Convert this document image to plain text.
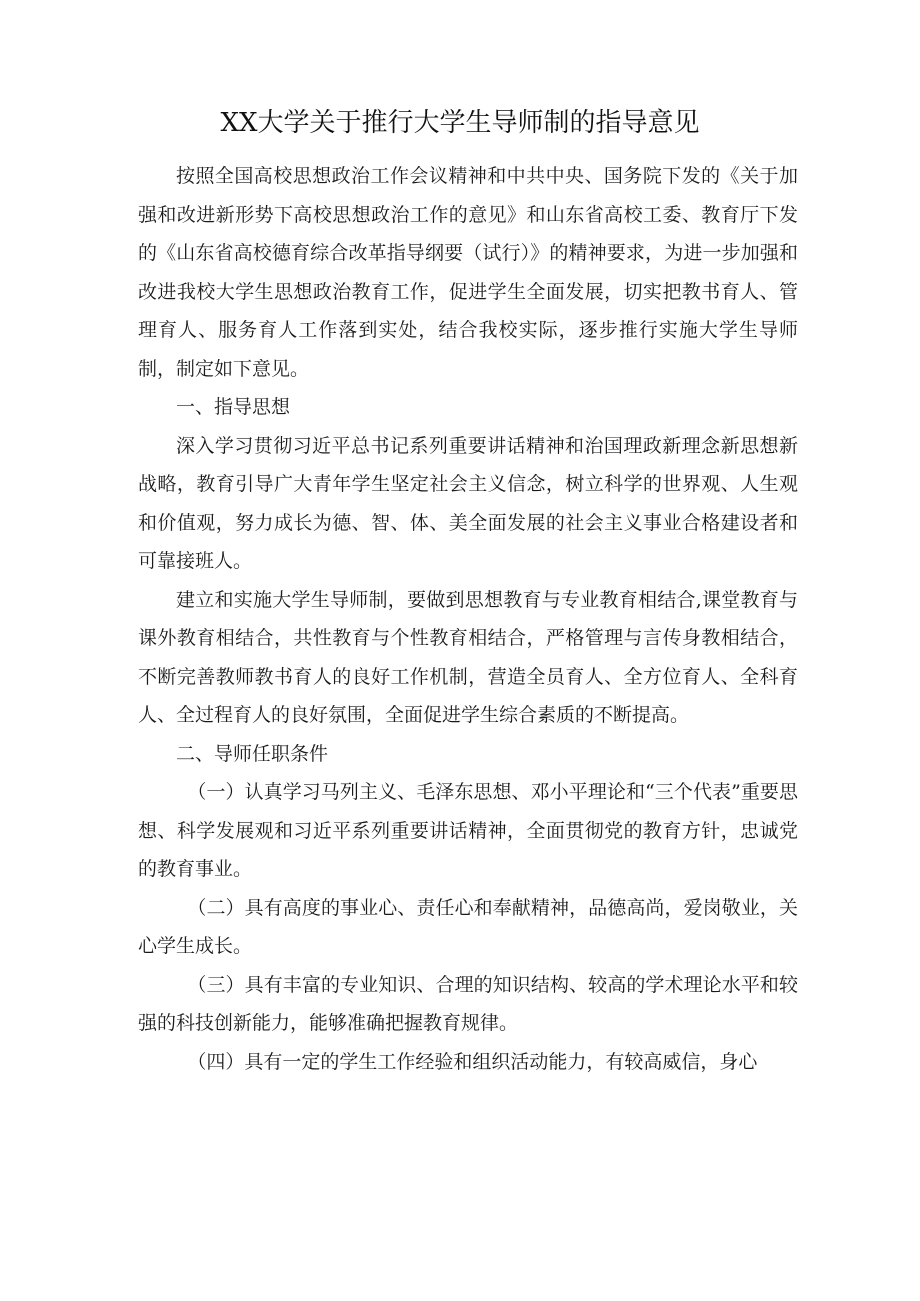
XX大学关于推行大学生导师制的指导意见

按照全国高校思想政治工作会议精神和中共中央、国务院下发的《关于加强和改进新形势下高校思想政治工作的意见》和山东省高校工委、教育厅下发的《山东省高校德育综合改革指导纲要（试行）》的精神要求，为进一步加强和改进我校大学生思想政治教育工作，促进学生全面发展，切实把教书育人、管理育人、服务育人工作落到实处，结合我校实际，逐步推行实施大学生导师制，制定如下意见。

一、指导思想

深入学习贯彻习近平总书记系列重要讲话精神和治国理政新理念新思想新战略，教育引导广大青年学生坚定社会主义信念，树立科学的世界观、人生观和价值观，努力成长为德、智、体、美全面发展的社会主义事业合格建设者和可靠接班人。

建立和实施大学生导师制，要做到思想教育与专业教育相结合,课堂教育与课外教育相结合，共性教育与个性教育相结合，严格管理与言传身教相结合，不断完善教师教书育人的良好工作机制，营造全员育人、全方位育人、全科育人、全过程育人的良好氛围，全面促进学生综合素质的不断提高。

二、导师任职条件

（一）认真学习马列主义、毛泽东思想、邓小平理论和“三个代表”重要思想、科学发展观和习近平系列重要讲话精神，全面贯彻党的教育方针，忠诚党的教育事业。

（二）具有高度的事业心、责任心和奉献精神，品德高尚，爱岗敬业，关心学生成长。

（三）具有丰富的专业知识、合理的知识结构、较高的学术理论水平和较强的科技创新能力，能够准确把握教育规律。

（四）具有一定的学生工作经验和组织活动能力，有较高威信，身心
